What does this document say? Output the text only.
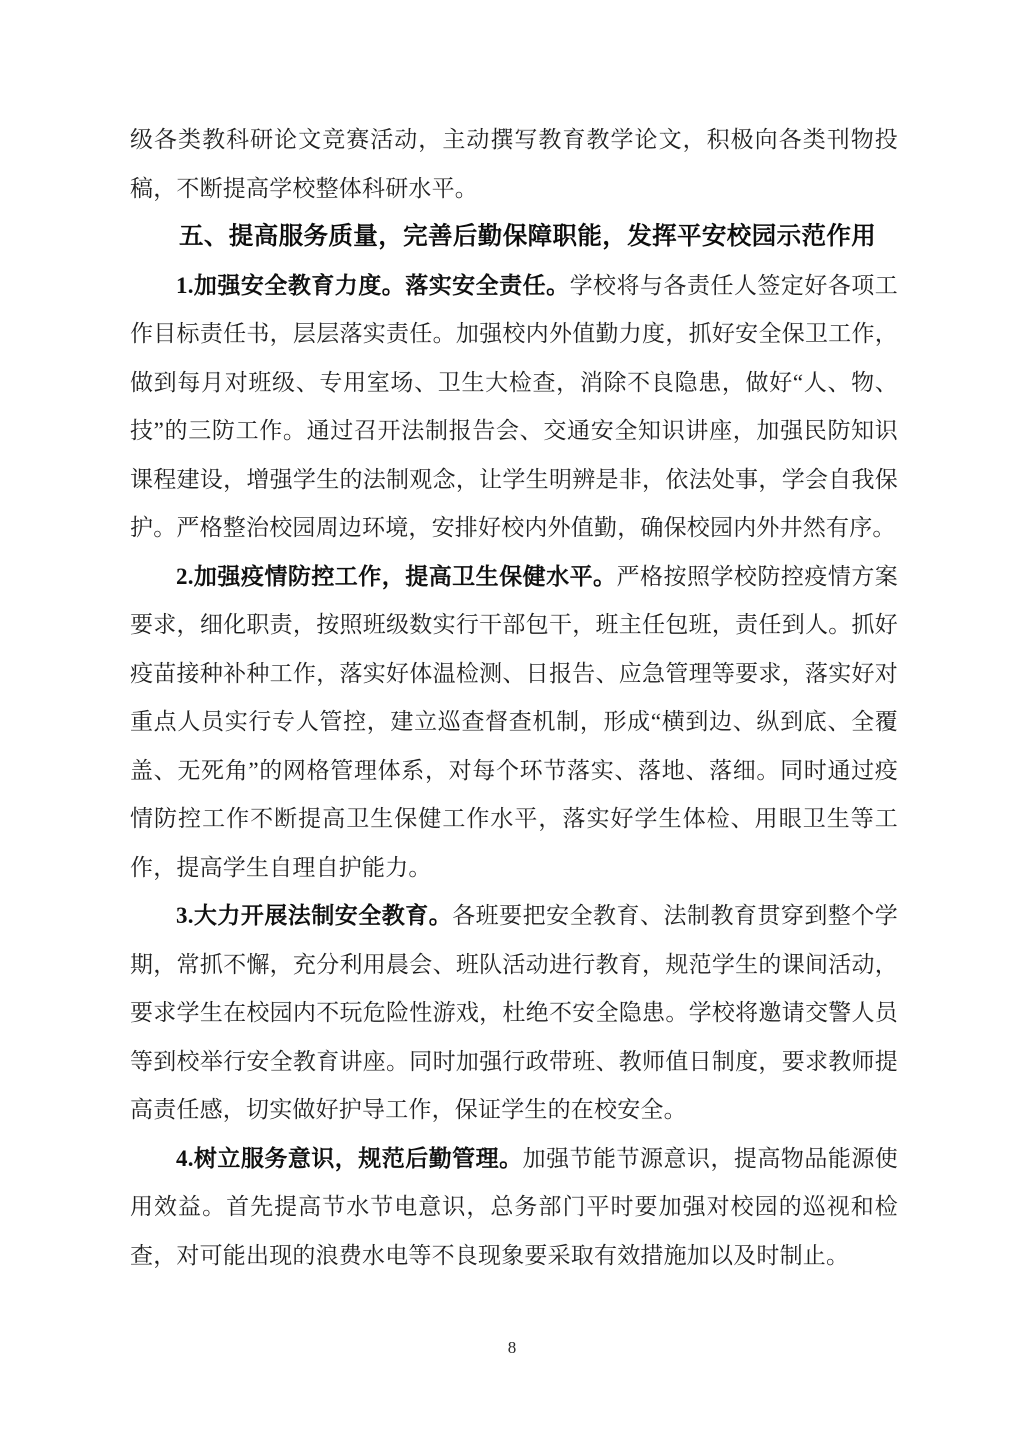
级各类教科研论文竞赛活动，主动撰写教育教学论文，积极向各类刊物投稿，不断提高学校整体科研水平。

五、提高服务质量，完善后勤保障职能，发挥平安校园示范作用

1.加强安全教育力度。落实安全责任。学校将与各责任人签定好各项工作目标责任书，层层落实责任。加强校内外值勤力度，抓好安全保卫工作，做到每月对班级、专用室场、卫生大检查，消除不良隐患，做好“人、物、技”的三防工作。通过召开法制报告会、交通安全知识讲座，加强民防知识课程建设，增强学生的法制观念，让学生明辨是非，依法处事，学会自我保护。严格整治校园周边环境，安排好校内外值勤，确保校园内外井然有序。

2.加强疫情防控工作，提高卫生保健水平。严格按照学校防控疫情方案要求，细化职责，按照班级数实行干部包干，班主任包班，责任到人。抓好疫苗接种补种工作，落实好体温检测、日报告、应急管理等要求，落实好对重点人员实行专人管控，建立巡查督查机制，形成“横到边、纵到底、全覆盖、无死角”的网格管理体系，对每个环节落实、落地、落细。同时通过疫情防控工作不断提高卫生保健工作水平，落实好学生体检、用眼卫生等工作，提高学生自理自护能力。

3.大力开展法制安全教育。各班要把安全教育、法制教育贯穿到整个学期，常抓不懈，充分利用晨会、班队活动进行教育，规范学生的课间活动，要求学生在校园内不玩危险性游戏，杜绝不安全隐患。学校将邀请交警人员等到校举行安全教育讲座。同时加强行政带班、教师值日制度，要求教师提高责任感，切实做好护导工作，保证学生的在校安全。

4.树立服务意识，规范后勤管理。加强节能节源意识，提高物品能源使用效益。首先提高节水节电意识，总务部门平时要加强对校园的巡视和检查，对可能出现的浪费水电等不良现象要采取有效措施加以及时制止。

8
